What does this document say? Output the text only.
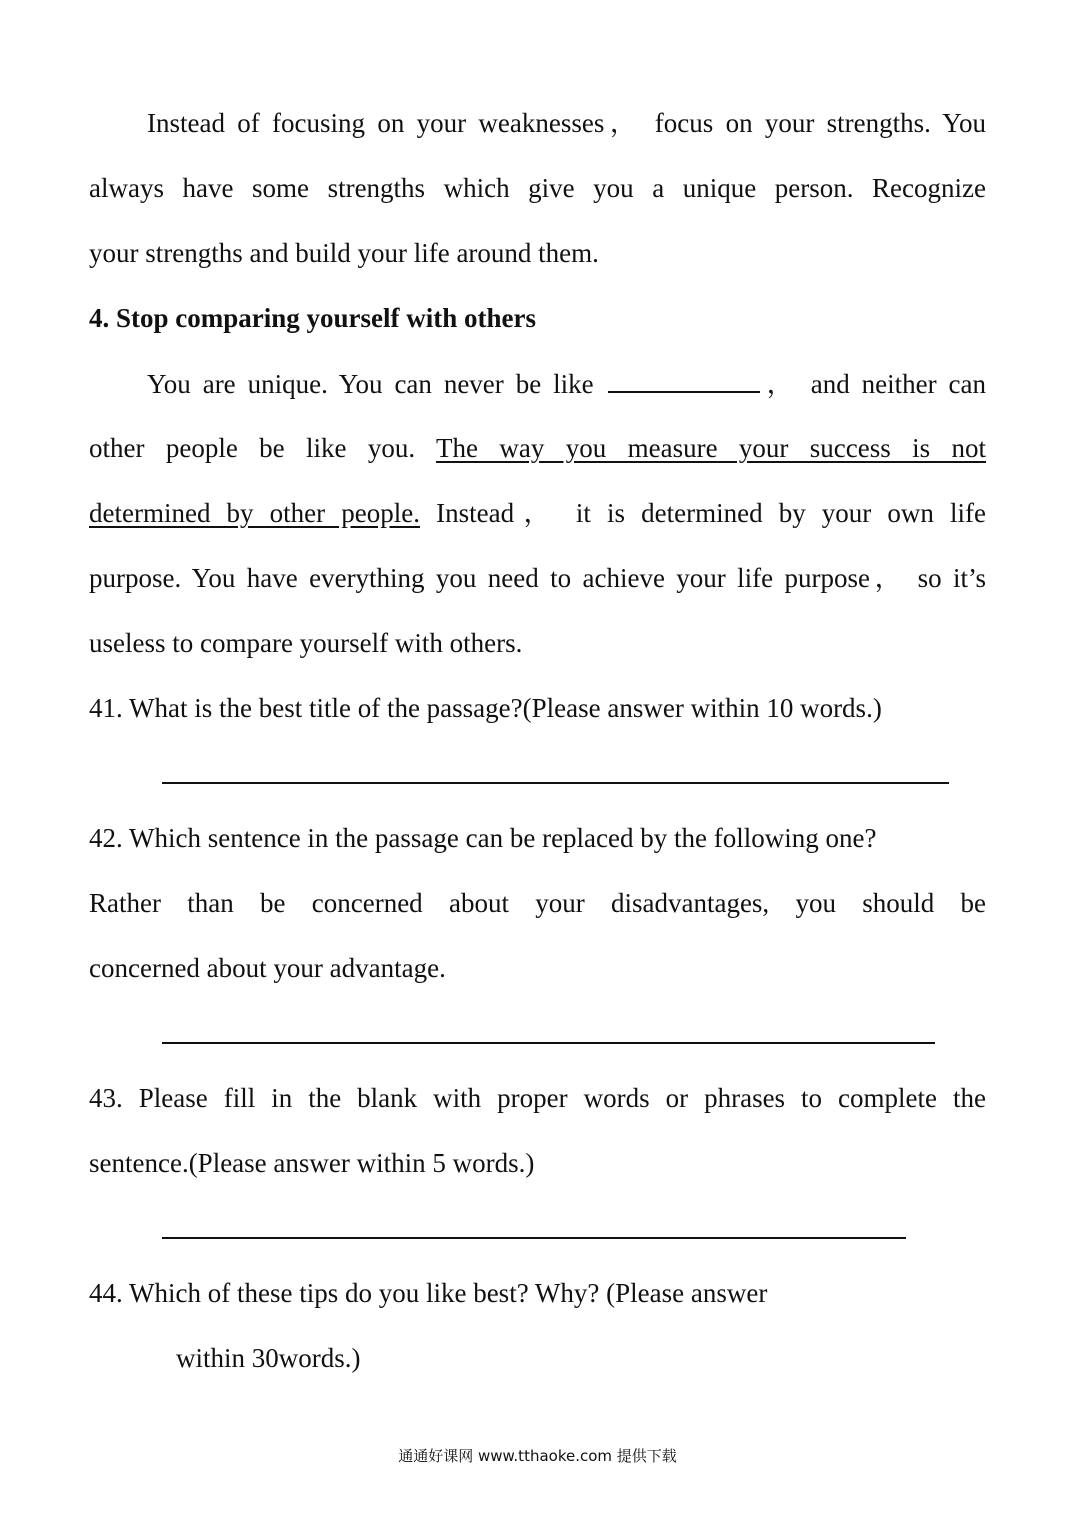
Instead of focusing on your weaknesses， focus on your strengths. You
always have some strengths which give you a unique person. Recognize
your strengths and build your life around them.
4. Stop comparing yourself with others
You are unique. You can never be like	， and neither can
other people be like you. The way you measure your success is not
determined by other people. Instead， it is determined by your own life
purpose. You have everything you need to achieve your life purpose， so it’s
useless to compare yourself with others.
41. What is the best title of the passage?(Please answer within 10 words.)
42. Which sentence in the passage can be replaced by the following one?
Rather than be concerned about your disadvantages, you should be
concerned about your advantage.
43. Please fill in the blank with proper words or phrases to complete the
sentence.(Please answer within 5 words.)
44. Which of these tips do you like best? Why? (Please answer
within 30words.)
通通好课网 www.tthaoke.com 提供下载
